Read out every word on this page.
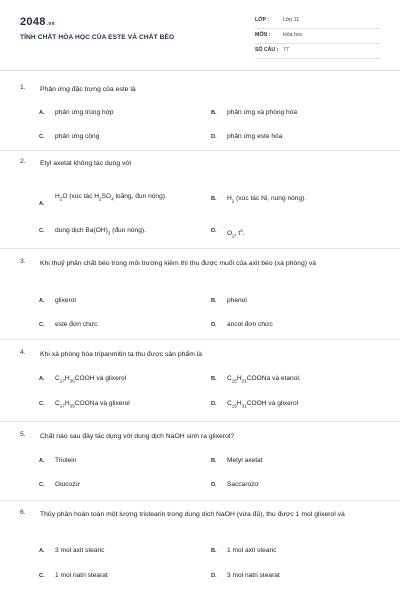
2048.vn
TÍNH CHẤT HÓA HỌC CỦA ESTE VÀ CHẤT BÉO
LỚP :	Lớp 11
MÔN : Hóa học
SỐ CÂU : 77
1. Phản ứng đặc trưng của este là
A. phản ứng trùng hợp	B. phản ứng xà phòng hóa
C. phản ứng cộng	D. phản ứng este hóa
2. Etyl axetat không tác dụng với
A.
$H_2O$ (xúc tác $H_2SO_4$ loãng, đun nóng).	B. $H_2$ (xúc tác Ni, nung nóng).
C. dung dịch $Ba(OH)_2$ (đun nóng).	D. $O_2$, $t^o$.
3. Khi thuỷ phân chất béo trong môi trường kiềm thì thu được muối của axit béo (xà phòng) và
A. glixerol	B. phenol
C. este đơn chức	D. ancol đơn chức
4. Khi xà phòng hóa tripanmitin ta thu được sản phẩm là
A. $C_{17}H_{35}COOH$ và glixerol	B. $C_{15}H_{31}COONa$ và etanol.
C. $C_{17}H_{35}COONa$ và glixerol	D. $C_{15}H_{31}COOH$ và glixerol
5. Chất nào sau đây tác dụng với dung dịch NaOH sinh ra glixerol?
A. Triolein	B. Metyl axetat
C. Glucozơ	D. Saccarozơ
6. Thủy phân hoàn toàn một lượng tristearin trong dung dịch NaOH (vừa đủ), thu được 1 mol glixerol và
A. 3 mol axit stearic	B. 1 mol axit stearic
C. 1 mol natri stearat	D. 3 mol natri stearat
